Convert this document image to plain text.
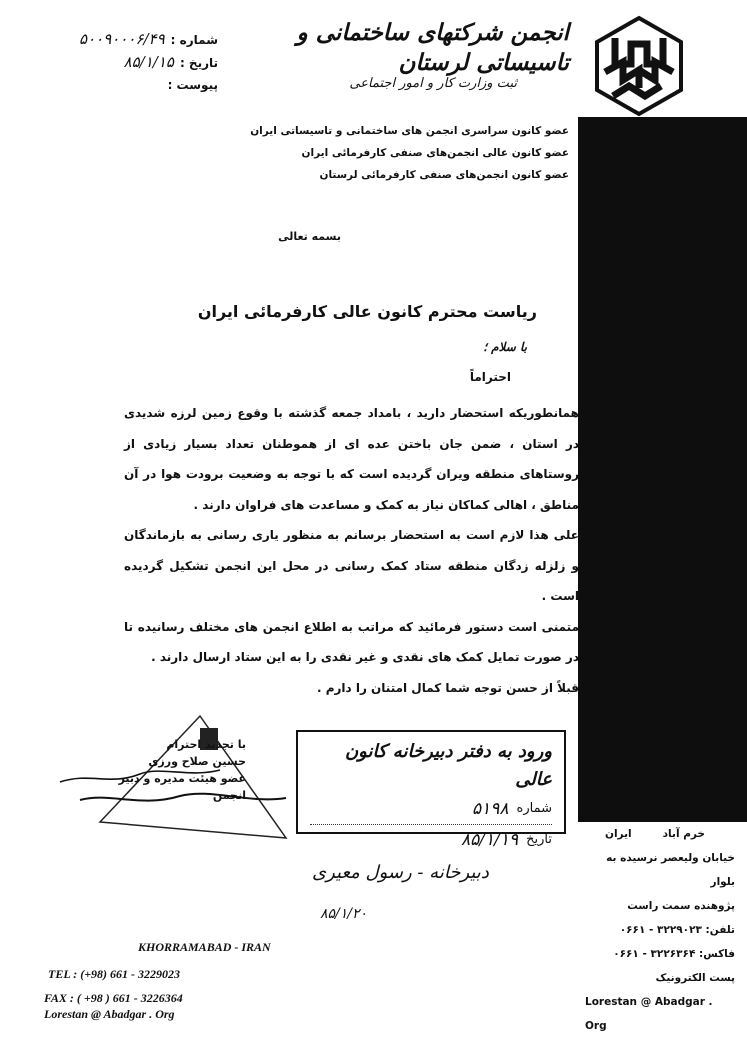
شماره :
۵۰۰۹۰۰۰۶/۴۹
تاریخ :
۸۵/۱/۱۵
پیوست :
انجمن شرکتهای ساختمانی و تاسیساتی لرستان
ثبت وزارت کار و امور اجتماعی
عضو کانون سراسری انجمن های ساختمانی و تاسیساتی ایران
عضو کانون عالی انجمن‌های صنفی کارفرمائی ایران
عضو کانون انجمن‌های صنفی کارفرمائی لرستان
بسمه تعالی
ریاست محترم کانون عالی کارفرمائی ایران
با سلام ؛
احتراماً

همانطوریکه استحضار دارید ، بامداد جمعه گذشته با وقوع زمین لرزه شدیدی در استان ، ضمن جان باختن عده ای از هموطنان تعداد بسیار زیادی از روستاهای منطقه ویران گردیده است که با توجه به وضعیت برودت هوا در آن مناطق ، اهالی کماکان نیاز به کمک و مساعدت های فراوان دارند .

علی هذا لازم است به استحضار برسانم به منظور یاری رسانی به بازماندگان و زلزله زدگان منطقه ستاد کمک رسانی در محل این انجمن تشکیل گردیده است .

متمنی است دستور فرمائید که مراتب به اطلاع انجمن های مختلف رسانیده تا در صورت تمایل کمک های نقدی و غیر نقدی را به این ستاد ارسال دارند .

قبلاً از حسن توجه شما کمال امتنان را دارم .

با تجدید احترام
حسین صلاح ورزی
عضو هیئت مدیره و دبیر انجمن
ورود به دفتر دبیرخانه کانون عالی
شماره
۵۱۹۸
تاریخ
۸۵/۱/۱۹
دبیرخانه - رسول معیری
۸۵/۱/۲۰
خرم آباد
ایران
خیابان ولیعصر نرسیده به بلوار
پژوهنده سمت راست
تلفن: ۳۲۲۹۰۲۳ - ۰۶۶۱
فاکس: ۳۲۲۶۳۶۴ - ۰۶۶۱
پست الکترونیک
Lorestan @ Abadgar . Org
KHORRAMABAD - IRAN
TEL : (+98) 661 - 3229023
FAX : ( +98 ) 661 - 3226364
Lorestan @ Abadgar . Org
